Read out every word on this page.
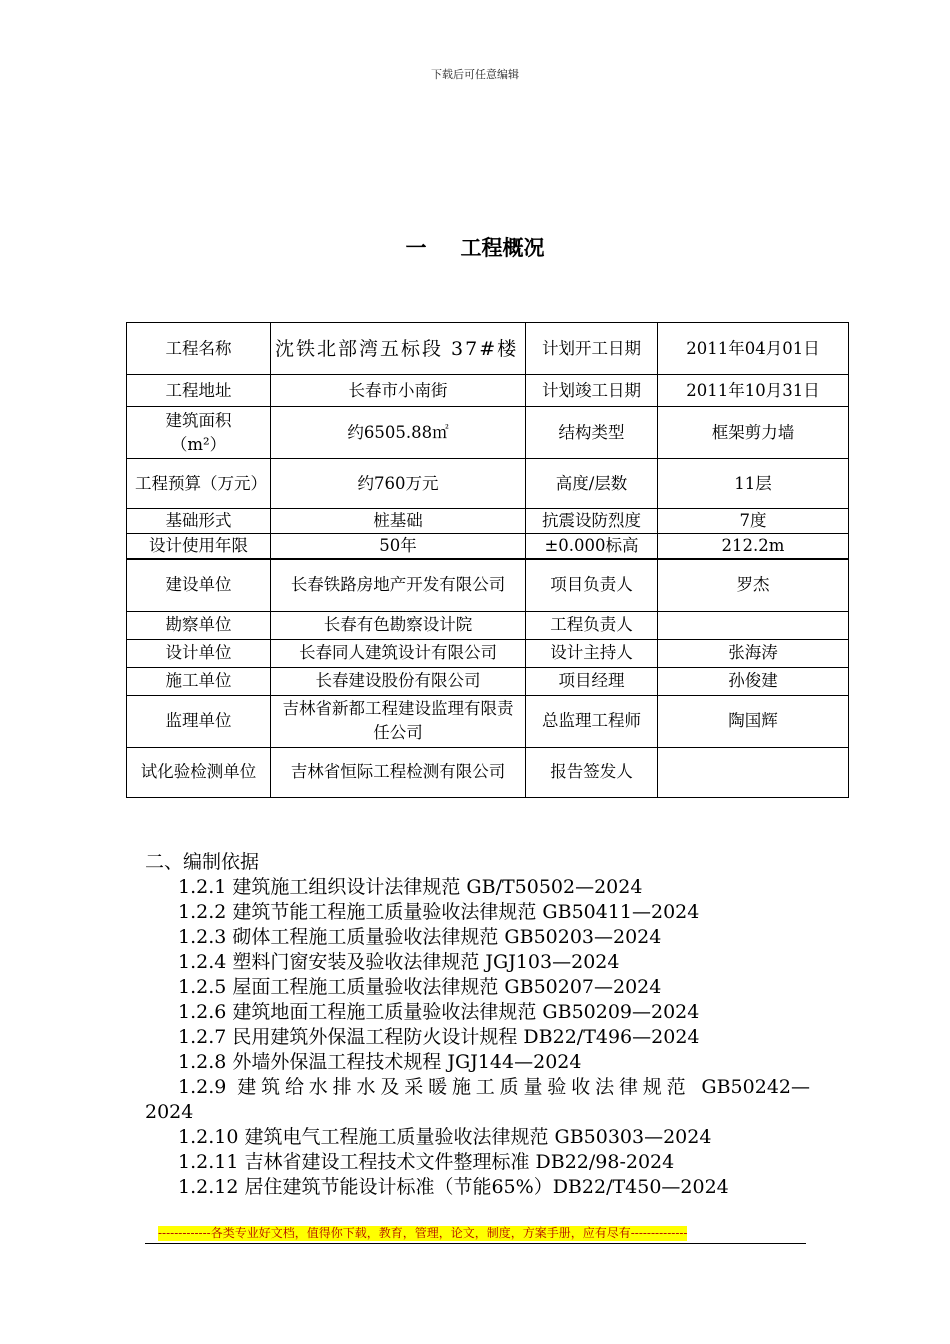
下载后可任意编辑
一 工程概况
工程名称	沈铁北部湾五标段 37#楼	计划开工日期	2011年04月01日
工程地址	长春市小南街	计划竣工日期	2011年10月31日
建筑面积（m²）	约6505.88㎡	结构类型	框架剪力墙
工程预算（万元）	约760万元	高度/层数	11层
基础形式	桩基础	抗震设防烈度	7度
设计使用年限	50年	±0.000标高	212.2m
建设单位	长春铁路房地产开发有限公司	项目负责人	罗杰
勘察单位	长春有色勘察设计院	工程负责人	
设计单位	长春同人建筑设计有限公司	设计主持人	张海涛
施工单位	长春建设股份有限公司	项目经理	孙俊建
监理单位	吉林省新都工程建设监理有限责任公司	总监理工程师	陶国辉
试化验检测单位	吉林省恒际工程检测有限公司	报告签发人	
二、编制依据
1.2.1 建筑施工组织设计法律规范 GB/T50502—2024
1.2.2 建筑节能工程施工质量验收法律规范 GB50411—2024
1.2.3 砌体工程施工质量验收法律规范 GB50203—2024
1.2.4 塑料门窗安装及验收法律规范 JGJ103—2024
1.2.5 屋面工程施工质量验收法律规范 GB50207—2024
1.2.6 建筑地面工程施工质量验收法律规范 GB50209—2024
1.2.7 民用建筑外保温工程防火设计规程 DB22/T496—2024
1.2.8 外墙外保温工程技术规程 JGJ144—2024
1.2.9 建筑给水排水及采暖施工质量验收法律规范 GB50242—
2024
1.2.10 建筑电气工程施工质量验收法律规范 GB50303—2024
1.2.11 吉林省建设工程技术文件整理标准 DB22/98-2024
1.2.12 居住建筑节能设计标准（节能65%）DB22/T450—2024
-------------各类专业好文档，值得你下载，教育，管理，论文，制度，方案手册，应有尽有--------------
